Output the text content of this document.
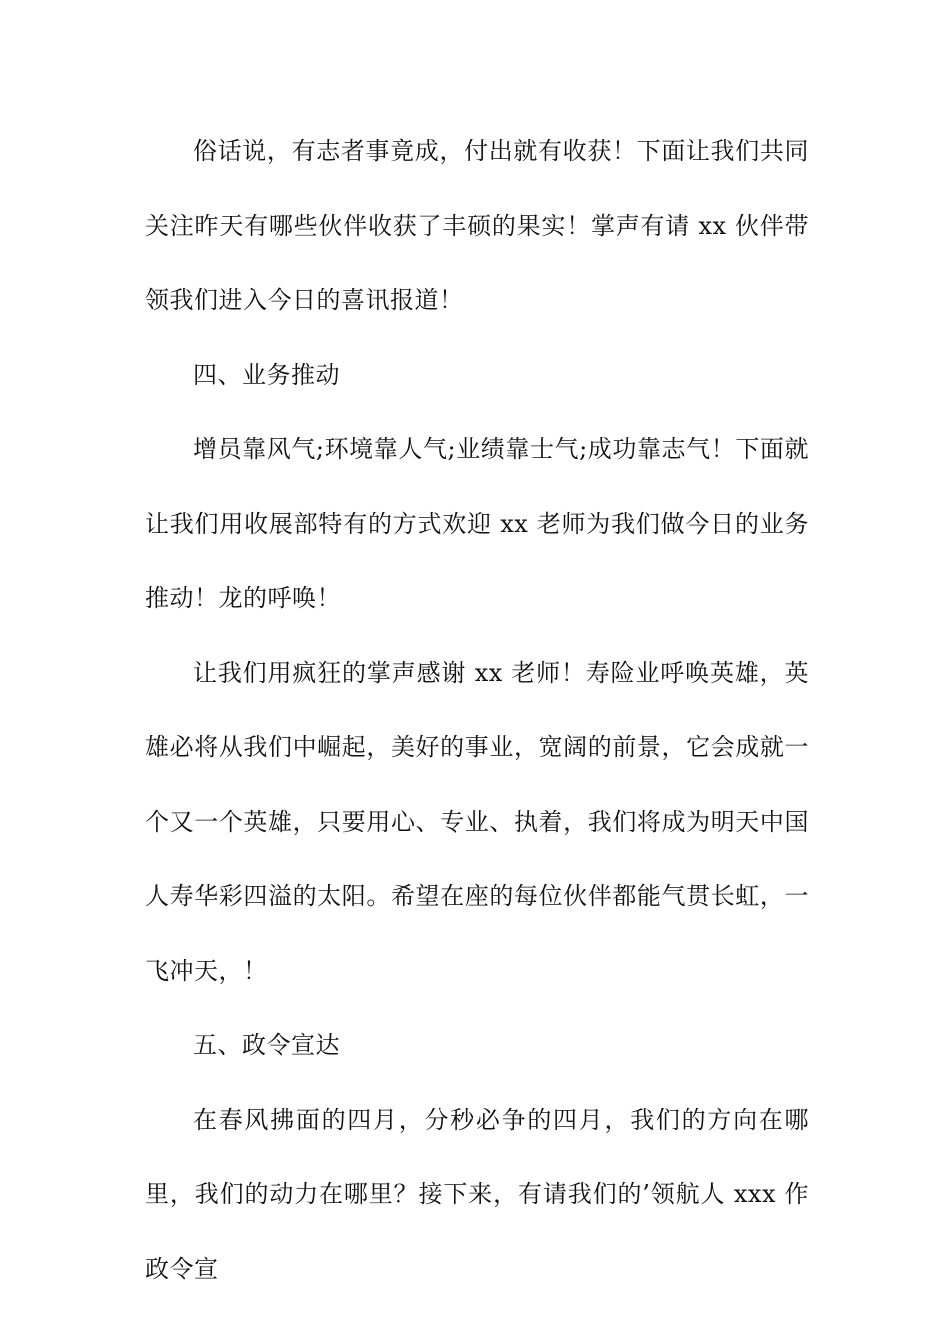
俗话说，有志者事竟成，付出就有收获！下面让我们共同关注昨天有哪些伙伴收获了丰硕的果实！掌声有请 xx 伙伴带领我们进入今日的喜讯报道！

四、业务推动

增员靠风气;环境靠人气;业绩靠士气;成功靠志气！下面就让我们用收展部特有的方式欢迎 xx 老师为我们做今日的业务推动！龙的呼唤！

让我们用疯狂的掌声感谢 xx 老师！寿险业呼唤英雄，英雄必将从我们中崛起，美好的事业，宽阔的前景，它会成就一个又一个英雄，只要用心、专业、执着，我们将成为明天中国人寿华彩四溢的太阳。希望在座的每位伙伴都能气贯长虹，一飞冲天，！

五、政令宣达

在春风拂面的四月，分秒必争的四月，我们的方向在哪里，我们的动力在哪里？接下来，有请我们的’领航人 xxx 作政令宣
